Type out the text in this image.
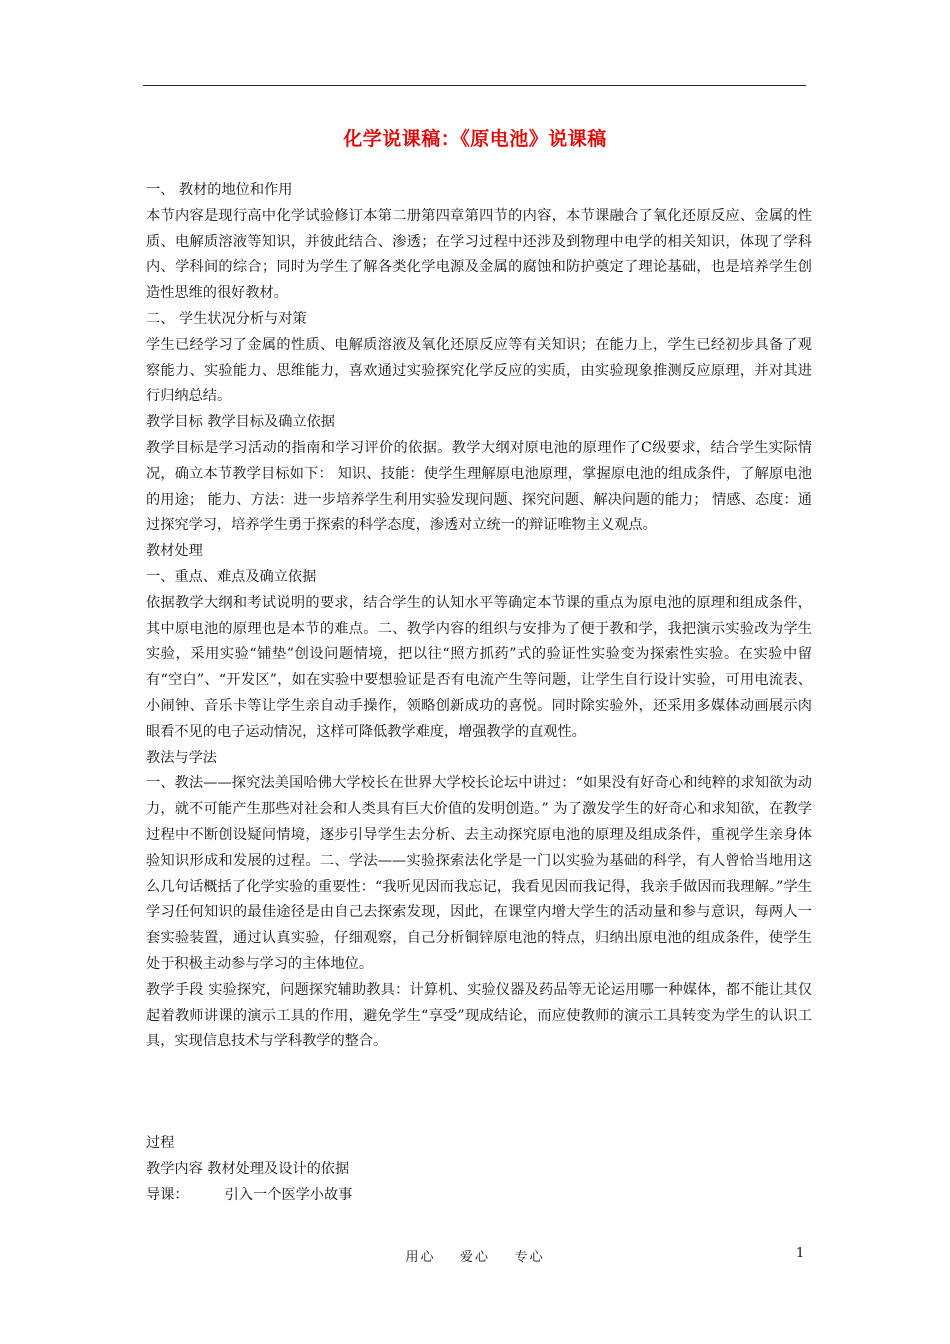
化学说课稿：《原电池》说课稿

一、 教材的地位和作用

本节内容是现行高中化学试验修订本第二册第四章第四节的内容，本节课融合了氧化还原反应、金属的性质、电解质溶液等知识，并彼此结合、渗透；在学习过程中还涉及到物理中电学的相关知识，体现了学科内、学科间的综合；同时为学生了解各类化学电源及金属的腐蚀和防护奠定了理论基础，也是培养学生创造性思维的很好教材。

二、 学生状况分析与对策

学生已经学习了金属的性质、电解质溶液及氧化还原反应等有关知识；在能力上，学生已经初步具备了观察能力、实验能力、思维能力，喜欢通过实验探究化学反应的实质，由实验现象推测反应原理，并对其进行归纳总结。

教学目标 教学目标及确立依据

教学目标是学习活动的指南和学习评价的依据。教学大纲对原电池的原理作了C级要求，结合学生实际情况，确立本节教学目标如下： 知识、技能：使学生理解原电池原理，掌握原电池的组成条件，了解原电池的用途； 能力、方法：进一步培养学生利用实验发现问题、探究问题、解决问题的能力； 情感、态度：通过探究学习，培养学生勇于探索的科学态度，渗透对立统一的辩证唯物主义观点。

教材处理

一、重点、难点及确立依据

依据教学大纲和考试说明的要求，结合学生的认知水平等确定本节课的重点为原电池的原理和组成条件，其中原电池的原理也是本节的难点。二、教学内容的组织与安排为了便于教和学，我把演示实验改为学生实验，采用实验“铺垫”创设问题情境，把以往“照方抓药”式的验证性实验变为探索性实验。在实验中留有“空白”、“开发区”，如在实验中要想验证是否有电流产生等问题，让学生自行设计实验，可用电流表、小闹钟、音乐卡等让学生亲自动手操作，领略创新成功的喜悦。同时除实验外，还采用多媒体动画展示肉眼看不见的电子运动情况，这样可降低教学难度，增强教学的直观性。

教法与学法

一、教法——探究法美国哈佛大学校长在世界大学校长论坛中讲过：“如果没有好奇心和纯粹的求知欲为动力，就不可能产生那些对社会和人类具有巨大价值的发明创造。” 为了激发学生的好奇心和求知欲，在教学过程中不断创设疑问情境，逐步引导学生去分析、去主动探究原电池的原理及组成条件，重视学生亲身体验知识形成和发展的过程。二、学法——实验探索法化学是一门以实验为基础的科学，有人曾恰当地用这么几句话概括了化学实验的重要性：“我听见因而我忘记，我看见因而我记得，我亲手做因而我理解。”学生学习任何知识的最佳途径是由自己去探索发现，因此，在课堂内增大学生的活动量和参与意识，每两人一套实验装置，通过认真实验，仔细观察，自己分析铜锌原电池的特点，归纳出原电池的组成条件，使学生处于积极主动参与学习的主体地位。

教学手段 实验探究，问题探究辅助教具：计算机、实验仪器及药品等无论运用哪一种媒体，都不能让其仅起着教师讲课的演示工具的作用，避免学生“享受”现成结论，而应使教师的演示工具转变为学生的认识工具，实现信息技术与学科教学的整合。

过程

教学内容 教材处理及设计的依据

导课：        引入一个医学小故事

用心    爱心    专心	1
